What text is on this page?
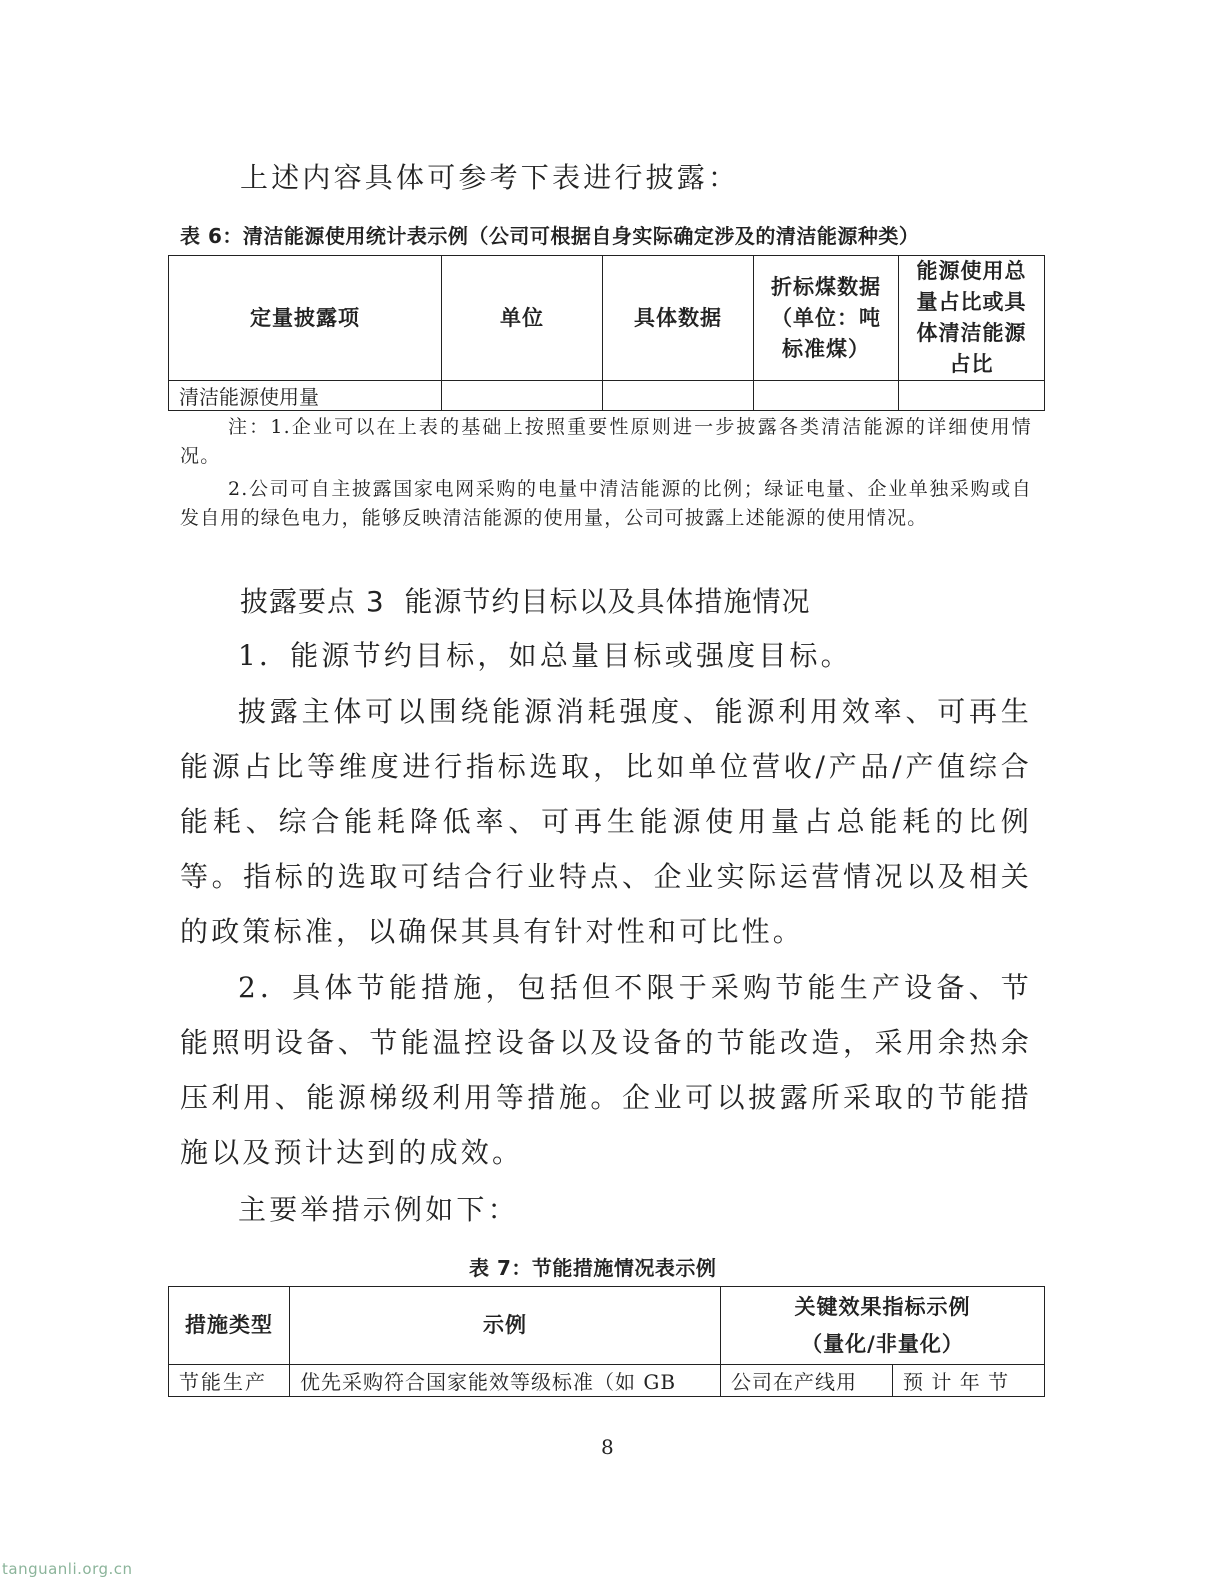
上述内容具体可参考下表进行披露：
表 6：清洁能源使用统计表示例（公司可根据自身实际确定涉及的清洁能源种类）
定量披露项	单位	具体数据	折标煤数据（单位：吨标准煤）	能源使用总量占比或具体清洁能源占比
清洁能源使用量				
注：1.企业可以在上表的基础上按照重要性原则进一步披露各类清洁能源的详细使用情况。
2.公司可自主披露国家电网采购的电量中清洁能源的比例；绿证电量、企业单独采购或自发自用的绿色电力，能够反映清洁能源的使用量，公司可披露上述能源的使用情况。
披露要点 3  能源节约目标以及具体措施情况
1．能源节约目标，如总量目标或强度目标。
披露主体可以围绕能源消耗强度、能源利用效率、可再生能源占比等维度进行指标选取，比如单位营收/产品/产值综合能耗、综合能耗降低率、可再生能源使用量占总能耗的比例等。指标的选取可结合行业特点、企业实际运营情况以及相关的政策标准，以确保其具有针对性和可比性。
2．具体节能措施，包括但不限于采购节能生产设备、节能照明设备、节能温控设备以及设备的节能改造，采用余热余压利用、能源梯级利用等措施。企业可以披露所采取的节能措施以及预计达到的成效。
主要举措示例如下：
表 7：节能措施情况表示例
措施类型	示例	关键效果指标示例
（量化/非量化）	

节能生产	优先采购符合国家能效等级标准（如 GB	公司在产线用	预 计 年 节
8
tanguanli.org.cn
